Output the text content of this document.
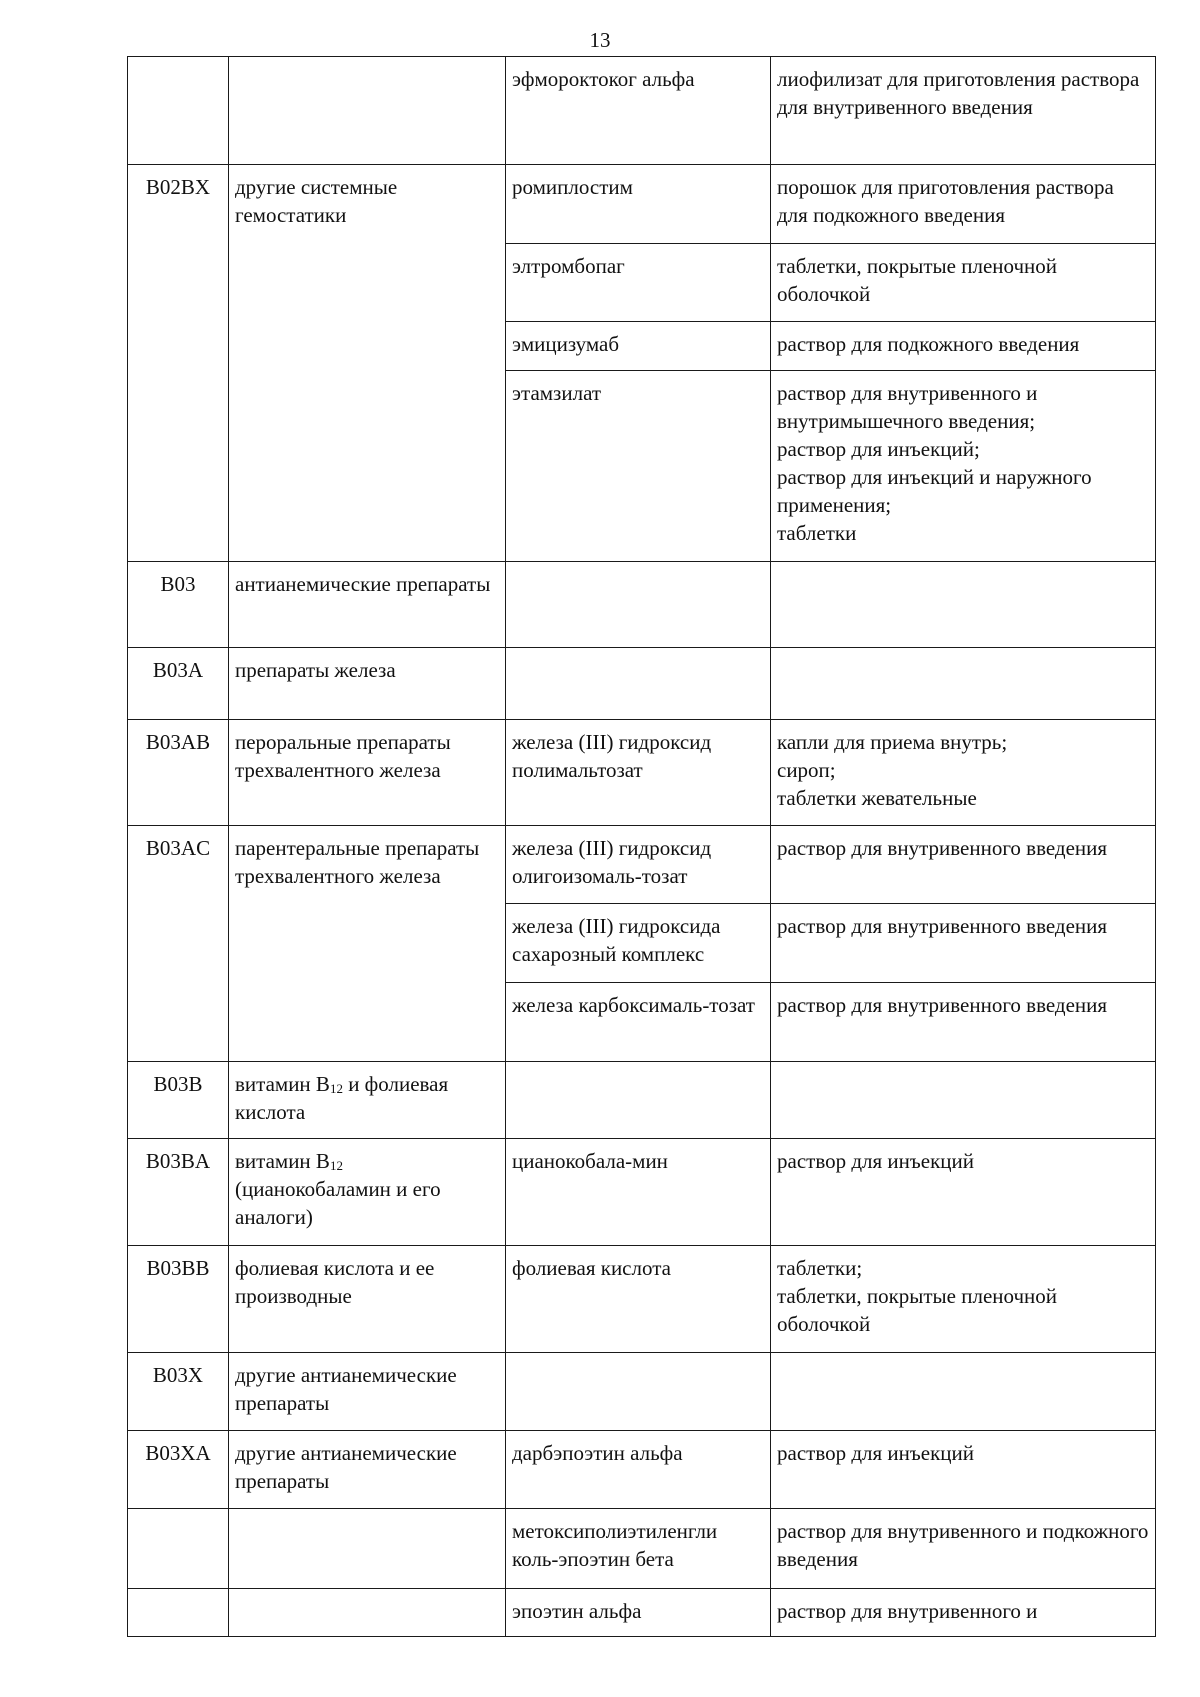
13
		эфмороктоког альфа	лиофилизат для приготовления раствора для внутривенного введения

B02BX	другие системные гемостатики	ромиплостим	порошок для приготовления раствора для подкожного введения

		элтромбопаг	таблетки, покрытые пленочной оболочкой

		эмицизумаб	раствор для подкожного введения

		этамзилат	раствор для внутривенного и внутримышечного введения;
раствор для инъекций;
раствор для инъекций и наружного применения;
таблетки

B03	антианемические препараты		
B03A	препараты железа		
B03AB	пероральные препараты трехвалентного железа	железа (III) гидроксид полимальтозат	капли для приема внутрь;
сироп;
таблетки жевательные

B03AC	парентеральные препараты трехвалентного железа	железа (III) гидроксид олигоизомаль-тозат	раствор для внутривенного введения

		железа (III) гидроксида сахарозный комплекс	раствор для внутривенного введения

		железа карбоксималь-тозат	раствор для внутривенного введения

B03B	витамин $B_{12}$ и фолиевая кислота		
B03BA	витамин $B_{12}$ (цианокобаламин и его аналоги)	цианокобала-мин	раствор для инъекций

B03BB	фолиевая кислота и ее производные	фолиевая кислота	таблетки;
таблетки, покрытые пленочной оболочкой

B03X	другие антианемические препараты		
B03XA	другие антианемические препараты	дарбэпоэтин альфа	раствор для инъекций

		метоксиполиэтиленгли коль-эпоэтин бета	раствор для внутривенного и подкожного введения

		эпоэтин альфа	раствор для внутривенного и
